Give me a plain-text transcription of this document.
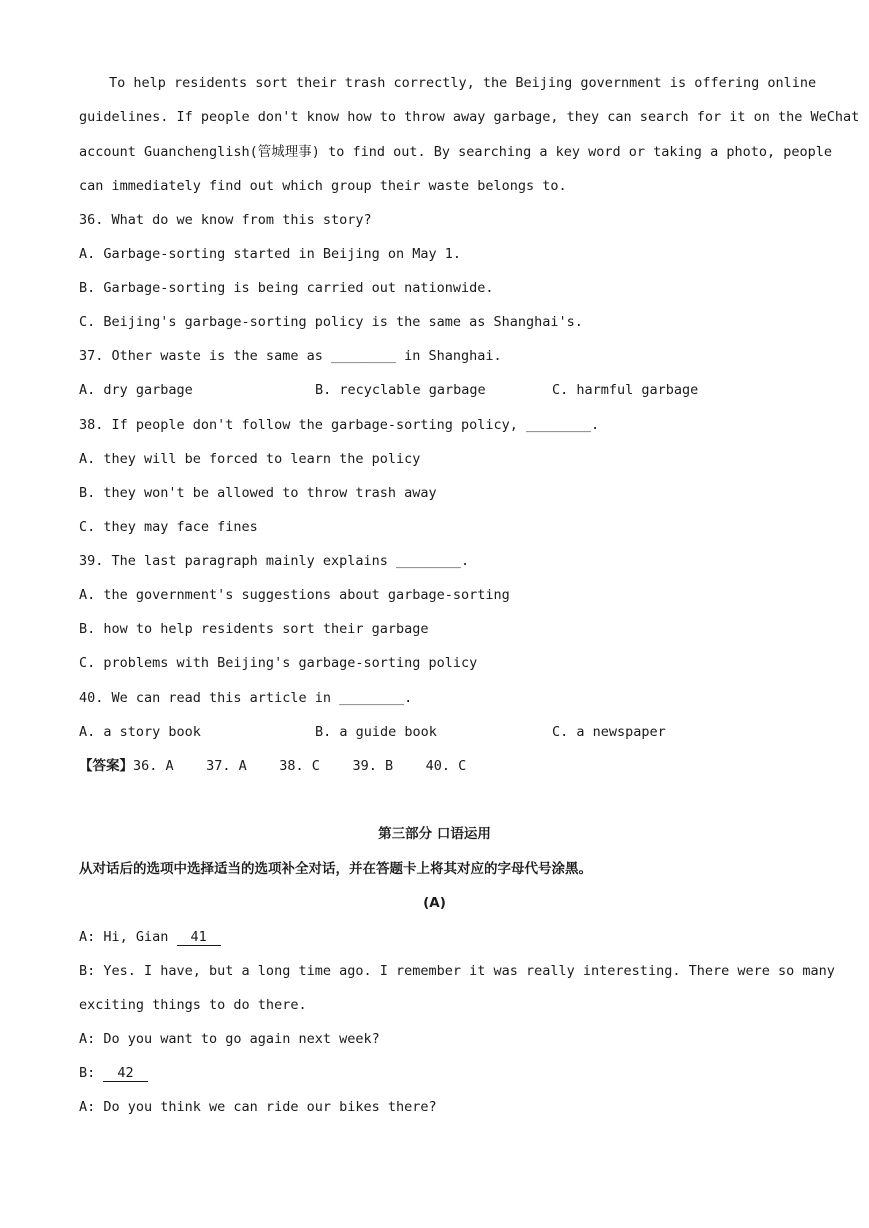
To help residents sort their trash correctly, the Beijing government is offering online
guidelines. If people don't know how to throw away garbage, they can search for it on the WeChat
account Guanchenglish(管城理事) to find out. By searching a key word or taking a photo, people
can immediately find out which group their waste belongs to.
36. What do we know from this story?
A. Garbage-sorting started in Beijing on May 1.
B. Garbage-sorting is being carried out nationwide.
C. Beijing's garbage-sorting policy is the same as Shanghai's.
37. Other waste is the same as ________ in Shanghai.
A. dry garbage	B. recyclable garbage	C. harmful garbage
38. If people don't follow the garbage-sorting policy, ________.
A. they will be forced to learn the policy
B. they won't be allowed to throw trash away
C. they may face fines
39. The last paragraph mainly explains ________.
A. the government's suggestions about garbage-sorting
B. how to help residents sort their garbage
C. problems with Beijing's garbage-sorting policy
40. We can read this article in ________.
A. a story book	B. a guide book	C. a newspaper
【答案】36. A    37. A    38. C    39. B    40. C
第三部分 口语运用
从对话后的选项中选择适当的选项补全对话，并在答题卡上将其对应的字母代号涂黑。
(A)
A: Hi, Gian 41
B: Yes. I have, but a long time ago. I remember it was really interesting. There were so many
exciting things to do there.
A: Do you want to go again next week?
B: 42
A: Do you think we can ride our bikes there?
